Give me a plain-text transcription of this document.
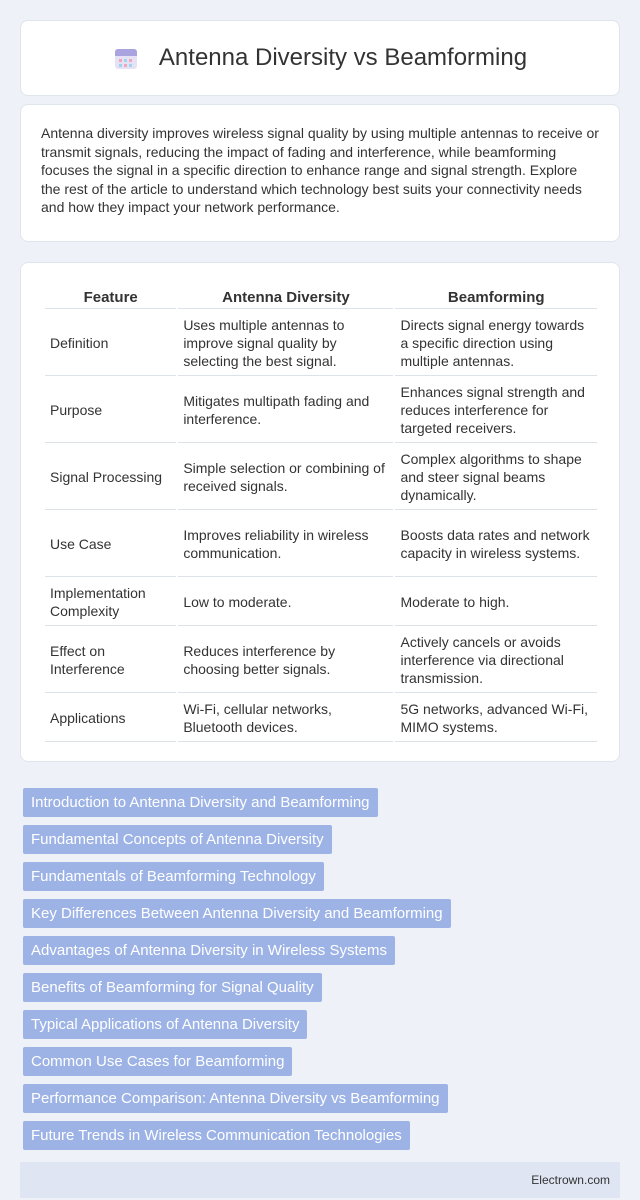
Antenna Diversity vs Beamforming
Antenna diversity improves wireless signal quality by using multiple antennas to receive or transmit signals, reducing the impact of fading and interference, while beamforming focuses the signal in a specific direction to enhance range and signal strength. Explore the rest of the article to understand which technology best suits your connectivity needs and how they impact your network performance.
Feature	Antenna Diversity	Beamforming
Definition	Uses multiple antennas to improve signal quality by selecting the best signal.	Directs signal energy towards a specific direction using multiple antennas.
Purpose	Mitigates multipath fading and interference.	Enhances signal strength and reduces interference for targeted receivers.
Signal Processing	Simple selection or combining of received signals.	Complex algorithms to shape and steer signal beams dynamically.
Use Case	Improves reliability in wireless communication.	Boosts data rates and network capacity in wireless systems.
Implementation Complexity	Low to moderate.	Moderate to high.
Effect on Interference	Reduces interference by choosing better signals.	Actively cancels or avoids interference via directional transmission.
Applications	Wi-Fi, cellular networks, Bluetooth devices.	5G networks, advanced Wi-Fi, MIMO systems.
Introduction to Antenna Diversity and Beamforming
Fundamental Concepts of Antenna Diversity
Fundamentals of Beamforming Technology
Key Differences Between Antenna Diversity and Beamforming
Advantages of Antenna Diversity in Wireless Systems
Benefits of Beamforming for Signal Quality
Typical Applications of Antenna Diversity
Common Use Cases for Beamforming
Performance Comparison: Antenna Diversity vs Beamforming
Future Trends in Wireless Communication Technologies
Electrown.com
